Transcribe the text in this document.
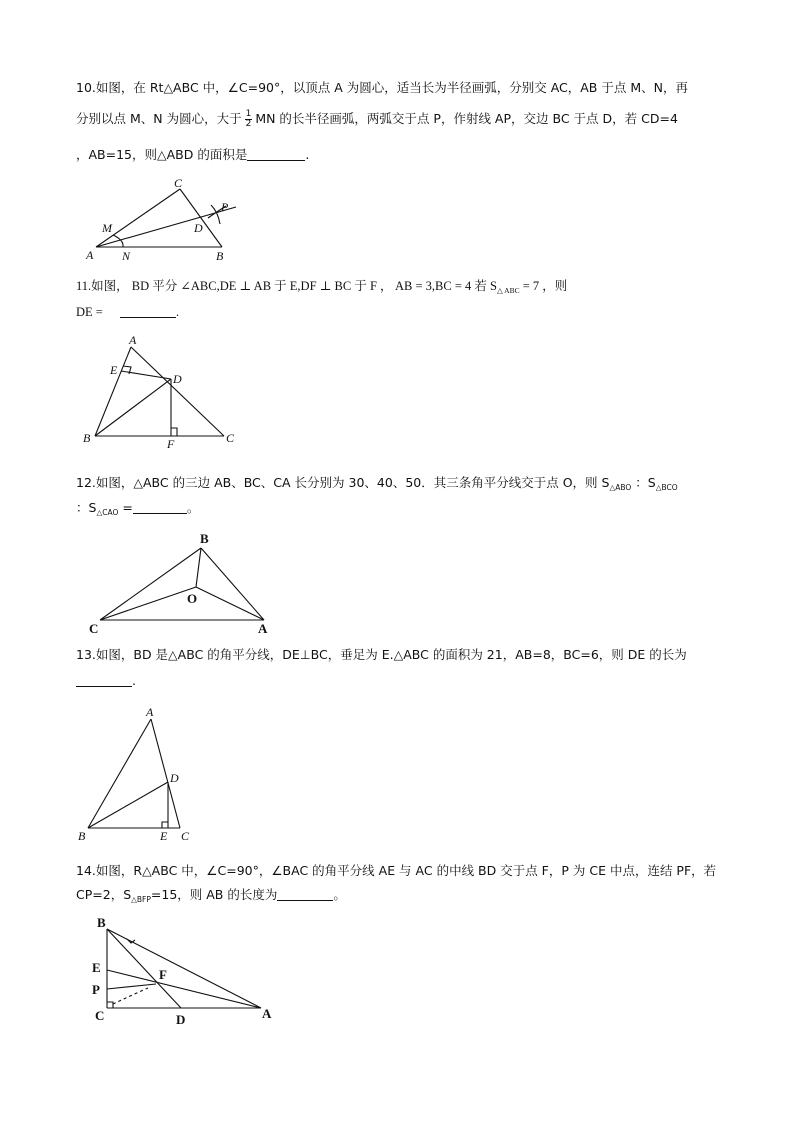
10.如图，在 Rt△ABC 中，∠C=90°，以顶点 A 为圆心，适当长为半径画弧，分别交 AC，AB 于点 M、N，再
分别以点 M、N 为圆心，大于 $\frac{1}{2}$ MN 的长半径画弧，两弧交于点 P，作射线 AP，交边 BC 于点 D，若 CD=4
，AB=15，则△ABD 的面积是	.
C
M
P
D
A N	B
11.如图， BD 平分 ∠ABC,DE ⊥ AB 于 E,DF ⊥ BC 于 F ， AB = 3,BC = 4 若 $S_{\triangle ABC} = 7$ ，则
DE =	.
A
E
D
B	F	C
12.如图，△ABC 的三边 AB、BC、CA 长分别为 30、40、50．其三条角平分线交于点 O，则 $S_{\triangle ABO}$ ：$S_{\triangle BCO}$
：$S_{\triangle CAO}$ =	。
B
O
C	A
13.如图，BD 是△ABC 的角平分线，DE⊥BC，垂足为 E.△ABC 的面积为 21，AB=8，BC=6，则 DE 的长为
.
A
D
B	E C
14.如图，R△ABC 中，∠C=90°，∠BAC 的角平分线 AE 与 AC 的中线 BD 交于点 F，P 为 CE 中点，连结 PF，若
CP=2，$S_{\triangle BFP}=15$，则 AB 的长度为	。
B
E	F
P
C	D	A
